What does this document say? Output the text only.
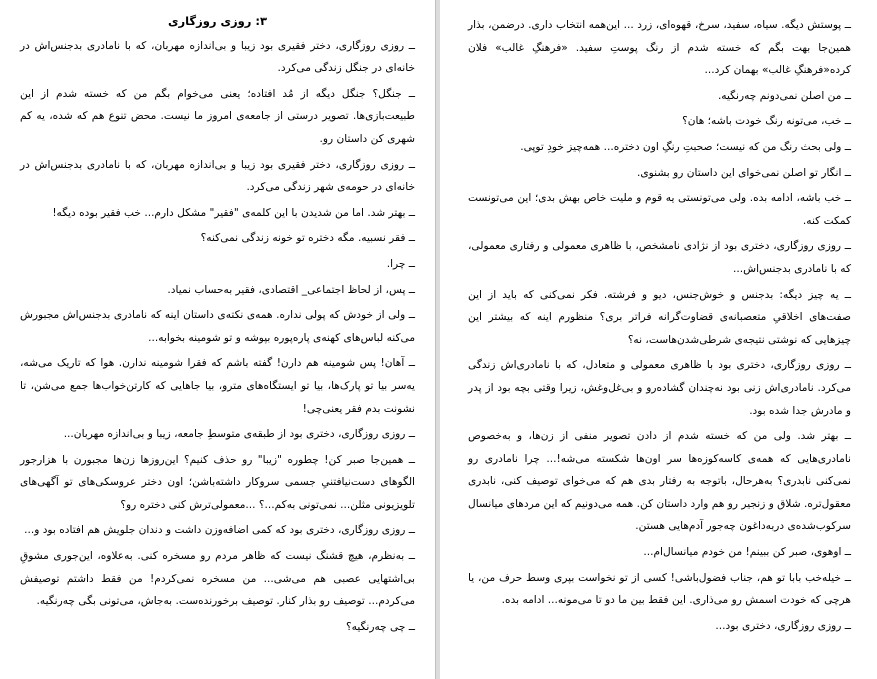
۳: روزی روزگاری

ــ روزی روزگاری، دختر فقیری بود زیبا و بی‌اندازه مهربان، که با نامادری بدجنس‌اش در خانه‌ای در جنگل زندگی می‌کرد.

ــ جنگل؟ جنگل دیگه از مُد افتاده؛ یعنی می‌خوام بگم من که خسته شدم از این طبیعت‌بازی‌ها. تصویر درستی از جامعه‌ی امروز ما نیست. محض تنوع هم که شده، یه کم شهری کن داستان رو.

ــ روزی روزگاری، دختر فقیری بود زیبا و بی‌اندازه مهربان، که با نامادری بدجنس‌اش در خانه‌ای در حومه‌ی شهر زندگی می‌کرد.

ــ بهتر شد. اما من شدیدن با این کلمه‌ی "فقیر" مشکل دارم... خب فقیر بوده دیگه!

ــ فقر نسبیه. مگه دختره تو خونه زندگی نمی‌کنه؟

ــ چرا.

ــ پس، از لحاظ اجتماعی_ اقتصادی، فقیر به‌حساب نمیاد.

ــ ولی از خودش که پولی نداره. همه‌ی نکته‌ی داستان اینه که نامادری بدجنس‌اش مجبورش می‌کنه لباس‌های کهنه‌ی پاره‌پوره بپوشه و تو شومینه بخوابه...

ــ آهان! پس شومینه هم دارن! گفته باشم که فقرا شومینه ندارن. هوا که تاریک می‌شه، یه‌سر بیا تو پارک‌ها، بیا تو ایستگاه‌های مترو، بیا جاهایی که کارتن‌خواب‌ها جمع می‌شن، تا نشونت بدم فقر یعنی‌چی!

ــ روزی روزگاری، دختری بود از طبقه‌ی متوسطِ جامعه، زیبا و بی‌اندازه مهربان...

ــ همین‌جا صبر کن! چطوره "زیبا" رو حذف کنیم؟ این‌روزها زن‌ها مجبورن با هزارجور الگوهای دست‌نیافتنیِ جسمی سروکار داشته‌باشن؛ اون دختر عروسکی‌های تو آگهی‌های تلویزیونی مثلن... نمی‌تونی به‌کم...؟ ...معمولی‌ترش کنی دختره رو؟

ــ روزی روزگاری، دختری بود که کمی اضافه‌وزن داشت و دندان جلویش هم افتاده بود و...

ــ به‌نظرم، هیچ قشنگ نیست که ظاهر مردم رو مسخره کنی. به‌علاوه، این‌جوری مشوقِ بی‌اشتهایی عصبی هم می‌شی... من مسخره نمی‌کردم! من فقط داشتم توصیفش می‌کردم... توصیف رو بذار کنار. توصیف برخورنده‌ست. به‌جاش، می‌تونی بگی چه‌رنگیه.

ــ چی چه‌رنگیه؟

ــ پوستش دیگه. سیاه، سفید، سرخ، قهوه‌ای، زرد ... این‌همه انتخاب داری. درضمن، بذار همین‌جا بهت بگم که خسته شدم از رنگ پوستِ سفید. «فرهنگِ غالب» فلان کرده«فرهنگِ غالب» بهمان کرد...

ــ من اصلن نمی‌دونم چه‌رنگیه.

ــ خب، می‌تونه رنگ خودت باشه؛ هان؟

ــ ولی بحث رنگ من که نیست؛ صحبتِ رنگِ اون دختره... همه‌چیز خودِ توپی.

ــ انگار تو اصلن نمی‌خوای این داستان رو بشنوی.

ــ خب باشه، ادامه بده. ولی می‌تونستی یه قوم و ملیت خاص بهش بدی؛ این می‌تونست کمکت کنه.

ــ روزی روزگاری، دختری بود از نژادی نامشخص، با ظاهری معمولی و رفتاری معمولی، که با نامادری بدجنس‌اش...

ــ یه چیز دیگه: بدجنس و خوش‌جنس، دیو و فرشته. فکر نمی‌کنی که باید از این صفت‌های اخلاقیِ متعصبانه‌ی قضاوت‌گرانه فراتر بری؟ منظورم اینه که بیشتر این چیزهایی که نوشتی نتیجه‌ی شرطی‌شدن‌هاست، نه؟

ــ روزی روزگاری، دختری بود با ظاهری معمولی و متعادل، که با نامادری‌اش زندگی می‌کرد. نامادری‌اش زنی بود نه‌چندان گشاده‌رو و بی‌غل‌وغش، زیرا وقتی بچه بود از پدر و مادرش جدا شده بود.

ــ بهتر شد. ولی من که خسته شدم از دادن تصویر منفی از زن‌ها، و به‌خصوص نامادری‌هایی که همه‌ی کاسه‌کوزه‌ها سر اون‌ها شکسته می‌شه!... چرا نامادری رو نمی‌کنی نابدری؟ به‌هرحال، باتوجه به رفتار بدی هم که می‌خوای توصیف کنی، نابدری معقول‌تره. شلاق و زنجیر رو هم وارد داستان کن. همه می‌دونیم که این مردهای میانسال سرکوب‌شده‌ی دربه‌داغون چه‌جور آدم‌هایی هستن.

ــ اوهوی، صبر کن ببینم! من خودم میانسال‌ام...

ــ خیله‌خب بابا تو هم، جناب فضول‌باشی! کسی از تو نخواست بپری وسط حرف من، یا هرچی که خودت اسمش رو می‌ذاری. این فقط بین ما دو تا می‌مونه... ادامه بده.

ــ روزی روزگاری، دختری بود...
